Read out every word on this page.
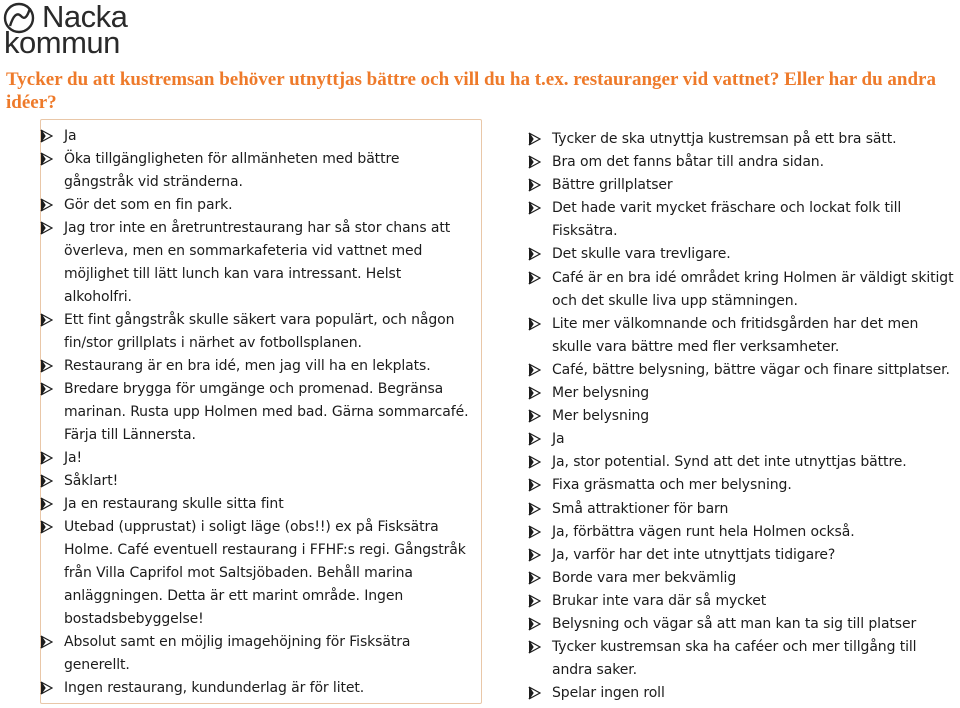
Nacka
kommun
Tycker du att kustremsan behöver utnyttjas bättre och vill du ha t.ex. restauranger vid vattnet? Eller har du andra idéer?
Ja
Öka tillgängligheten för allmänheten med bättre gångstråk vid stränderna.
Gör det som en fin park.
Jag tror inte en åretruntrestaurang har så stor chans att överleva, men en sommarkafeteria vid vattnet med möjlighet till lätt lunch kan vara intressant. Helst alkoholfri.
Ett fint gångstråk skulle säkert vara populärt, och någon fin/stor grillplats i närhet av fotbollsplanen.
Restaurang är en bra idé, men jag vill ha en lekplats.
Bredare brygga för umgänge och promenad. Begränsa marinan. Rusta upp Holmen med bad. Gärna sommarcafé. Färja till Lännersta.
Ja!
Såklart!
Ja en restaurang skulle sitta fint
Utebad (upprustat) i soligt läge (obs!!) ex på Fisksätra Holme. Café eventuell restaurang i FFHF:s regi. Gångstråk från Villa Caprifol mot Saltsjöbaden. Behåll marina anläggningen. Detta är ett marint område. Ingen bostadsbebyggelse!
Absolut samt en möjlig imagehöjning för Fisksätra generellt.
Ingen restaurang, kundunderlag är för litet.
Tycker de ska utnyttja kustremsan på ett bra sätt.
Bra om det fanns båtar till andra sidan.
Bättre grillplatser
Det hade varit mycket fräschare och lockat folk till Fisksätra.
Det skulle vara trevligare.
Café är en bra idé området kring Holmen är väldigt skitigt och det skulle liva upp stämningen.
Lite mer välkomnande och fritidsgården har det men skulle vara bättre med fler verksamheter.
Café, bättre belysning, bättre vägar och finare sittplatser.
Mer belysning
Mer belysning
Ja
Ja, stor potential. Synd att det inte utnyttjas bättre.
Fixa gräsmatta och mer belysning.
Små attraktioner för barn
Ja, förbättra vägen runt hela Holmen också.
Ja, varför har det inte utnyttjats tidigare?
Borde vara mer bekvämlig
Brukar inte vara där så mycket
Belysning och vägar så att man kan ta sig till platser
Tycker kustremsan ska ha caféer och mer tillgång till andra saker.
Spelar ingen roll
